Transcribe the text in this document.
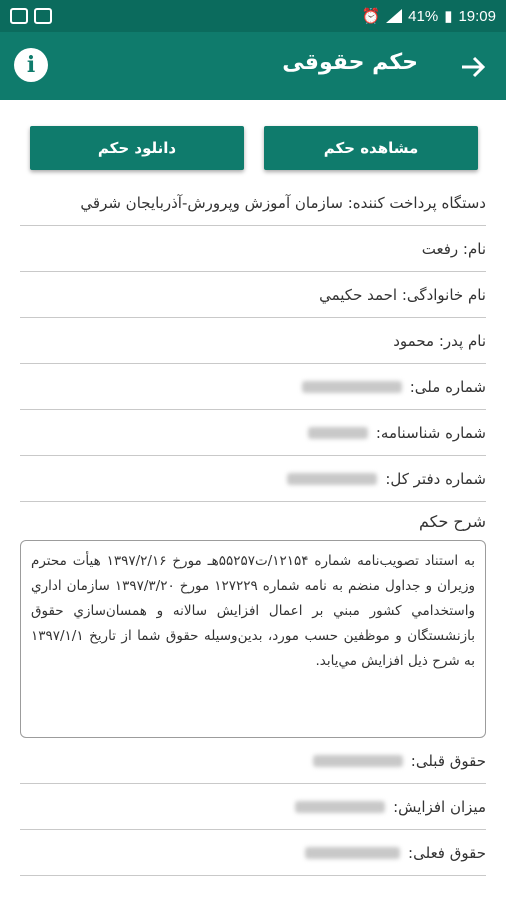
⏰ 41% ▮ 19:09
i	حکم حقوقی
دانلود حکم	مشاهده حکم
دستگاه پرداخت کننده: سازمان آموزش وپرورش-آذربايجان شرقي
نام:

رفعت
نام خانوادگی:

احمد حكيمي
نام پدر:

محمود
شماره ملی:
شماره شناسنامه:
شماره دفتر کل:
شرح حکم
به استناد تصويب‌نامه شماره ۱۲۱۵۴/ت۵۵۲۵۷هـ مورخ ۱۳۹۷/۲/۱۶ هيأت محترم وزيران و جداول منضم به نامه شماره ۱۲۷۲۲۹ مورخ ۱۳۹۷/۳/۲۰ سازمان اداري واستخدامي كشور مبني بر اعمال افزايش سالانه و همسان‌سازي حقوق بازنشستگان و موظفين حسب مورد، بدين‌وسيله حقوق شما از تاريخ ۱۳۹۷/۱/۱ به شرح ذيل افزايش مي‌يابد.
حقوق قبلی:
میزان افزایش:
حقوق فعلی:
